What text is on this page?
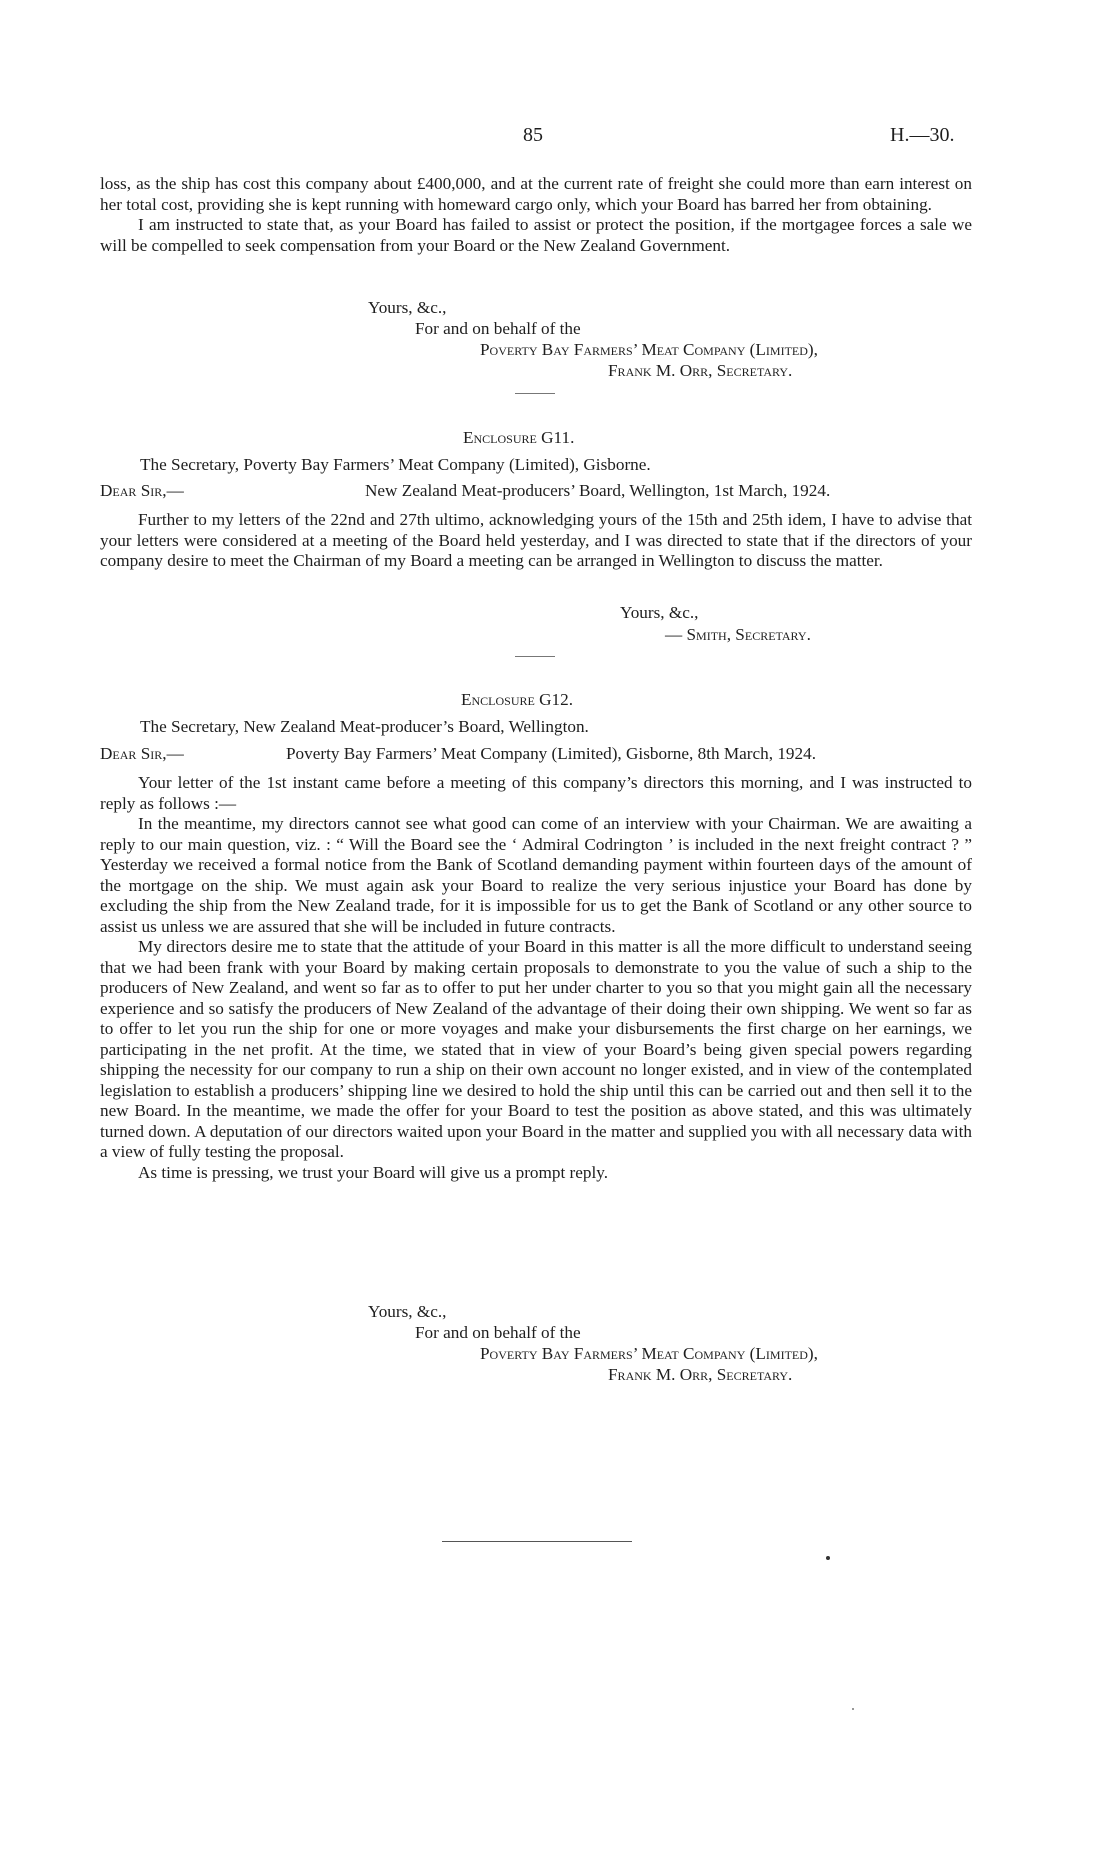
85	H.—30.

loss, as the ship has cost this company about £400,000, and at the current rate of freight she could more than earn interest on her total cost, providing she is kept running with homeward cargo only, which your Board has barred her from obtaining.

I am instructed to state that, as your Board has failed to assist or protect the position, if the mortgagee forces a sale we will be compelled to seek compensation from your Board or the New Zealand Government.

Yours, &c.,
For and on behalf of the
Poverty Bay Farmers’ Meat Company (Limited),
Frank M. Orr, Secretary.
Enclosure G11.
The Secretary, Poverty Bay Farmers’ Meat Company (Limited), Gisborne.
Dear Sir,—	New Zealand Meat-producers’ Board, Wellington, 1st March, 1924.

Further to my letters of the 22nd and 27th ultimo, acknowledging yours of the 15th and 25th idem, I have to advise that your letters were considered at a meeting of the Board held yesterday, and I was directed to state that if the directors of your company desire to meet the Chairman of my Board a meeting can be arranged in Wellington to discuss the matter.

Yours, &c.,
— Smith, Secretary.
Enclosure G12.
The Secretary, New Zealand Meat-producer’s Board, Wellington.
Dear Sir,—	Poverty Bay Farmers’ Meat Company (Limited), Gisborne, 8th March, 1924.

Your letter of the 1st instant came before a meeting of this company’s directors this morning, and I was instructed to reply as follows :—

In the meantime, my directors cannot see what good can come of an interview with your Chairman. We are awaiting a reply to our main question, viz. : “ Will the Board see the ‘ Admiral Codrington ’ is included in the next freight contract ? ” Yesterday we received a formal notice from the Bank of Scotland demanding payment within fourteen days of the amount of the mortgage on the ship. We must again ask your Board to realize the very serious injustice your Board has done by excluding the ship from the New Zealand trade, for it is impossible for us to get the Bank of Scotland or any other source to assist us unless we are assured that she will be included in future contracts.

My directors desire me to state that the attitude of your Board in this matter is all the more difficult to understand seeing that we had been frank with your Board by making certain proposals to demonstrate to you the value of such a ship to the producers of New Zealand, and went so far as to offer to put her under charter to you so that you might gain all the necessary experience and so satisfy the producers of New Zealand of the advantage of their doing their own shipping. We went so far as to offer to let you run the ship for one or more voyages and make your disbursements the first charge on her earnings, we participating in the net profit. At the time, we stated that in view of your Board’s being given special powers regarding shipping the necessity for our company to run a ship on their own account no longer existed, and in view of the contemplated legislation to establish a producers’ shipping line we desired to hold the ship until this can be carried out and then sell it to the new Board. In the meantime, we made the offer for your Board to test the position as above stated, and this was ultimately turned down. A deputation of our directors waited upon your Board in the matter and supplied you with all necessary data with a view of fully testing the proposal.

As time is pressing, we trust your Board will give us a prompt reply.

Yours, &c.,
For and on behalf of the
Poverty Bay Farmers’ Meat Company (Limited),
Frank M. Orr, Secretary.
